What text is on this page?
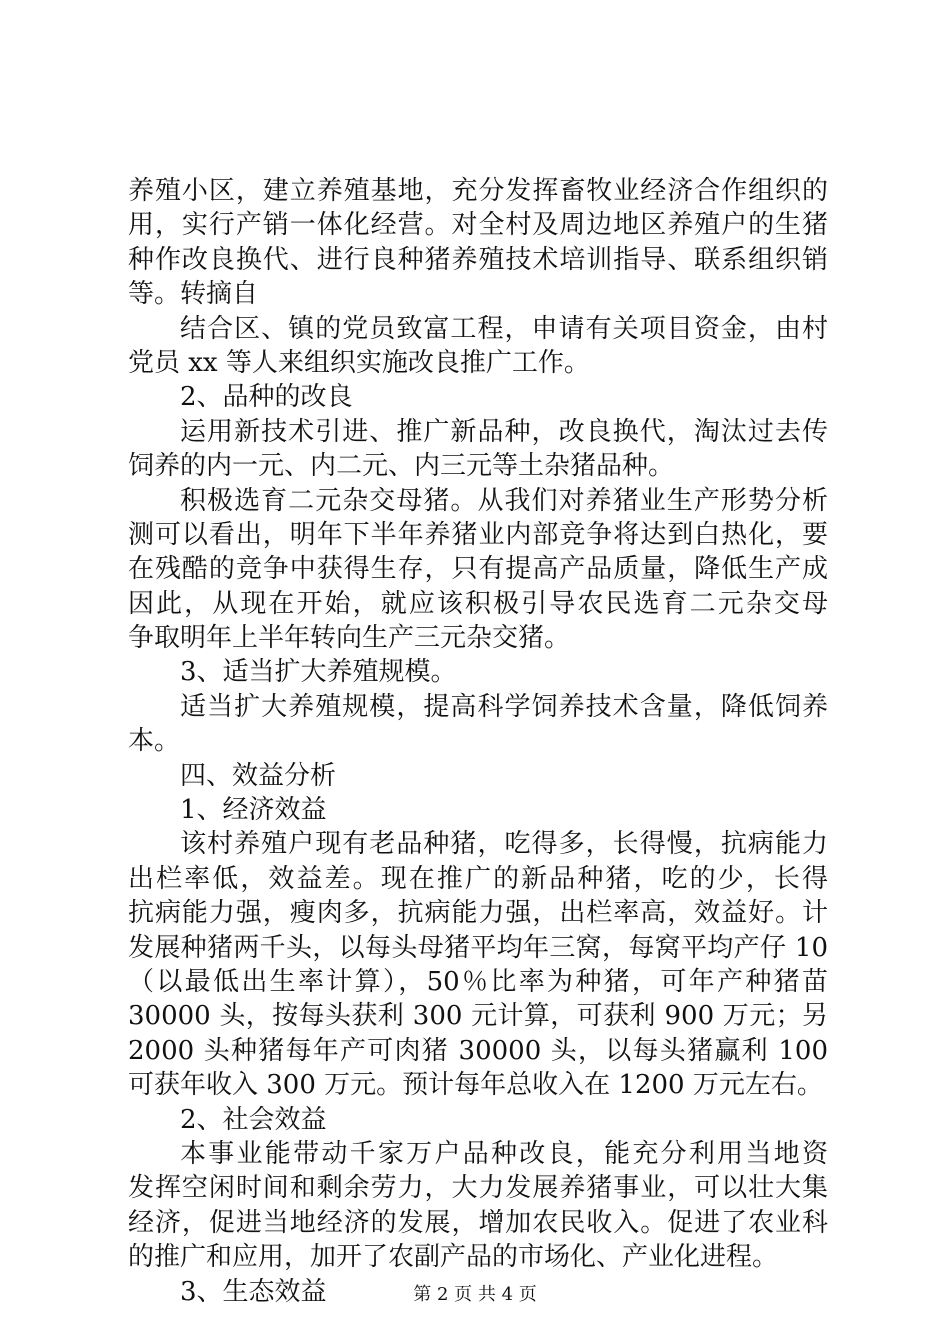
养殖小区，建立养殖基地，充分发挥畜牧业经济合作组织的
用，实行产销一体化经营。对全村及周边地区养殖户的生猪
种作改良换代、进行良种猪养殖技术培训指导、联系组织销
等。转摘自
结合区、镇的党员致富工程，申请有关项目资金，由村
党员 xx 等人来组织实施改良推广工作。
2、品种的改良
运用新技术引进、推广新品种，改良换代，淘汰过去传
饲养的内一元、内二元、内三元等土杂猪品种。
积极选育二元杂交母猪。从我们对养猪业生产形势分析
测可以看出，明年下半年养猪业内部竞争将达到白热化，要
在残酷的竞争中获得生存，只有提高产品质量，降低生产成
因此，从现在开始，就应该积极引导农民选育二元杂交母
争取明年上半年转向生产三元杂交猪。
3、适当扩大养殖规模。
适当扩大养殖规模，提高科学饲养技术含量，降低饲养
本。
四、效益分析
1、经济效益
该村养殖户现有老品种猪，吃得多，长得慢，抗病能力
出栏率低，效益差。现在推广的新品种猪，吃的少，长得
抗病能力强，瘦肉多，抗病能力强，出栏率高，效益好。计
发展种猪两千头，以每头母猪平均年三窝，每窝平均产仔 10
（以最低出生率计算），50％比率为种猪，可年产种猪苗
30000 头，按每头获利 300 元计算，可获利 900 万元；另
2000 头种猪每年产可肉猪 30000 头，以每头猪赢利 100
可获年收入 300 万元。预计每年总收入在 1200 万元左右。
2、社会效益
本事业能带动千家万户品种改良，能充分利用当地资
发挥空闲时间和剩余劳力，大力发展养猪事业，可以壮大集
经济，促进当地经济的发展，增加农民收入。促进了农业科
的推广和应用，加开了农副产品的市场化、产业化进程。
3、生态效益	第 2 页 共 4 页
